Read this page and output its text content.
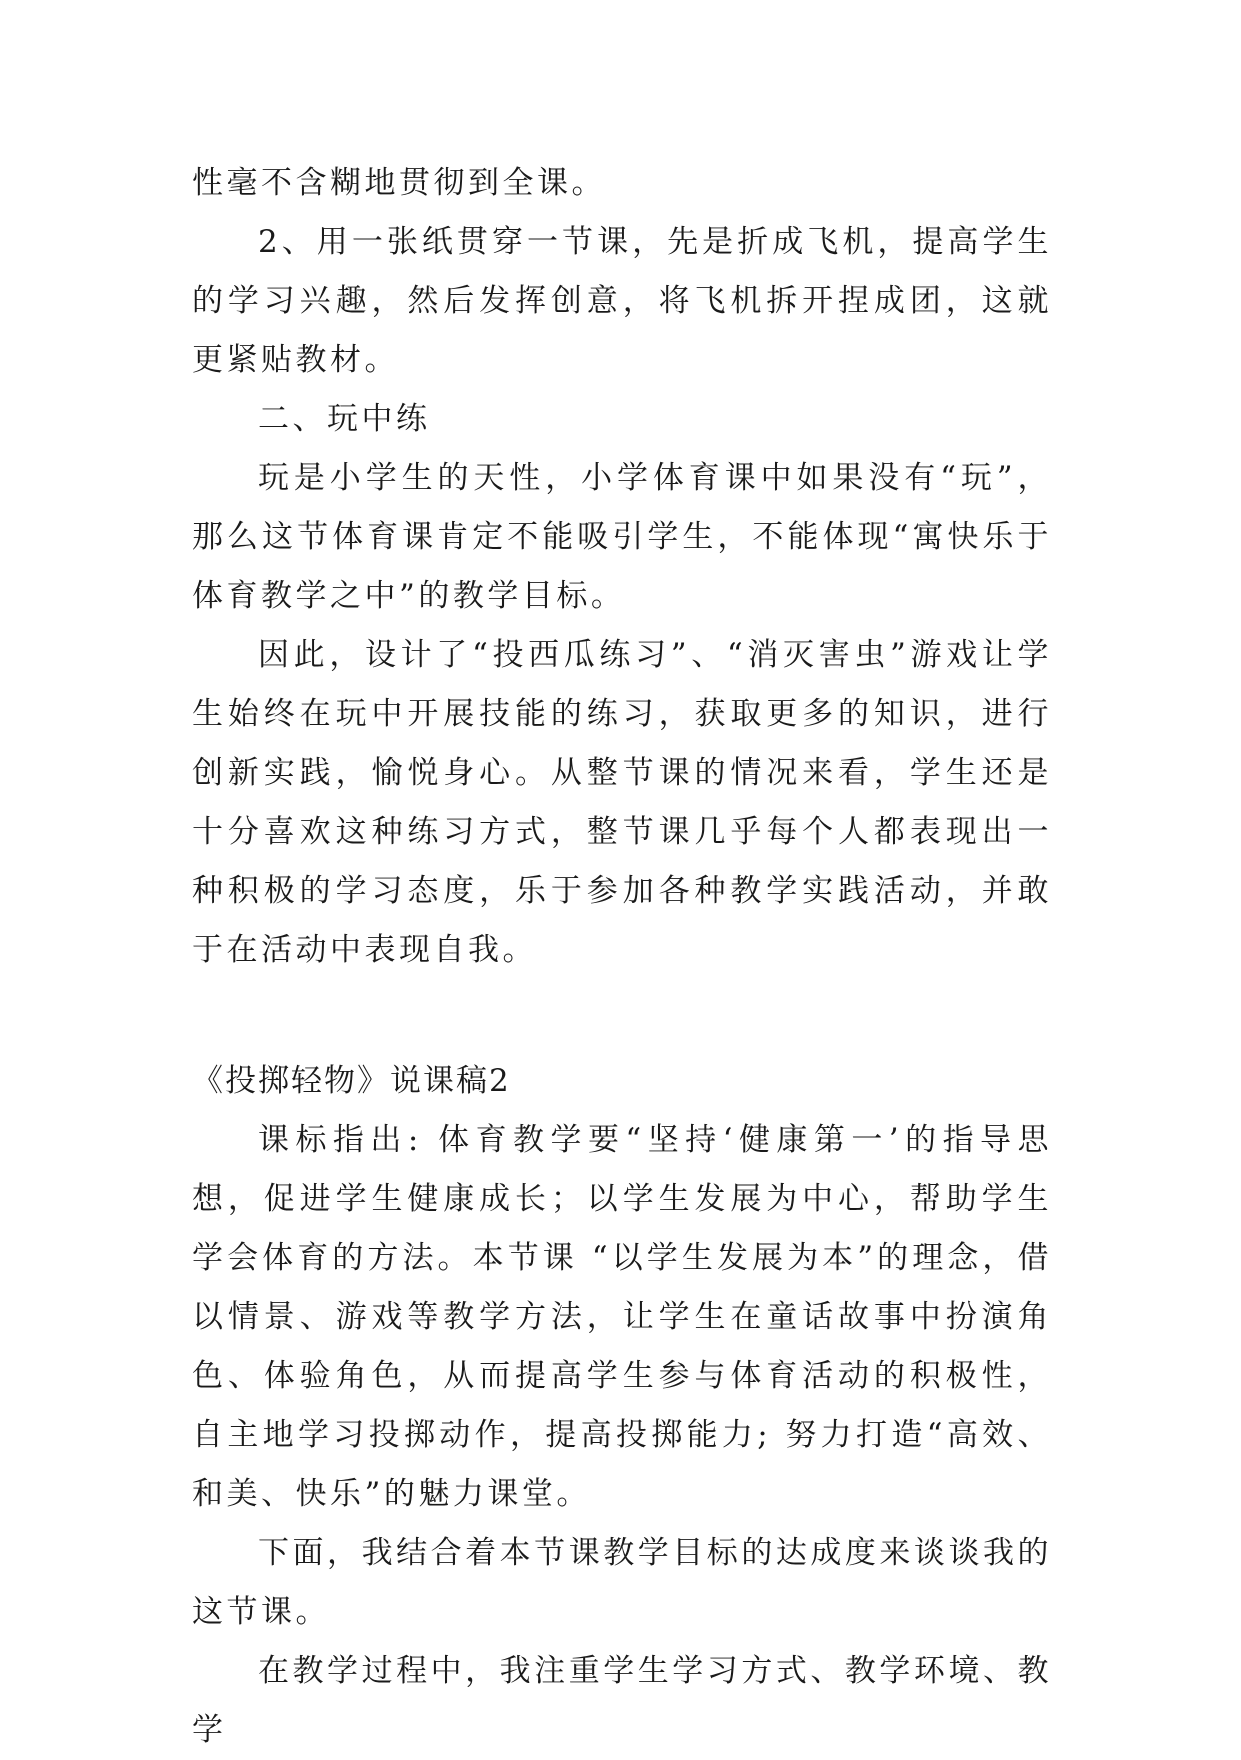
性毫不含糊地贯彻到全课。

2、用一张纸贯穿一节课，先是折成飞机，提高学生的学习兴趣，然后发挥创意，将飞机拆开捏成团，这就更紧贴教材。

二、玩中练

玩是小学生的天性，小学体育课中如果没有“玩”，那么这节体育课肯定不能吸引学生，不能体现“寓快乐于体育教学之中”的教学目标。

因此，设计了“投西瓜练习”、“消灭害虫”游戏让学生始终在玩中开展技能的练习，获取更多的知识，进行创新实践，愉悦身心。从整节课的情况来看，学生还是十分喜欢这种练习方式，整节课几乎每个人都表现出一种积极的学习态度，乐于参加各种教学实践活动，并敢于在活动中表现自我。

《投掷轻物》说课稿2

课标指出: 体育教学要“坚持‘健康第一’的指导思想，促进学生健康成长；以学生发展为中心，帮助学生学会体育的方法。本节课 “以学生发展为本”的理念，借以情景、游戏等教学方法，让学生在童话故事中扮演角色、体验角色，从而提高学生参与体育活动的积极性，自主地学习投掷动作，提高投掷能力; 努力打造“高效、和美、快乐”的魅力课堂。

下面，我结合着本节课教学目标的达成度来谈谈我的这节课。

在教学过程中，我注重学生学习方式、教学环境、教学
